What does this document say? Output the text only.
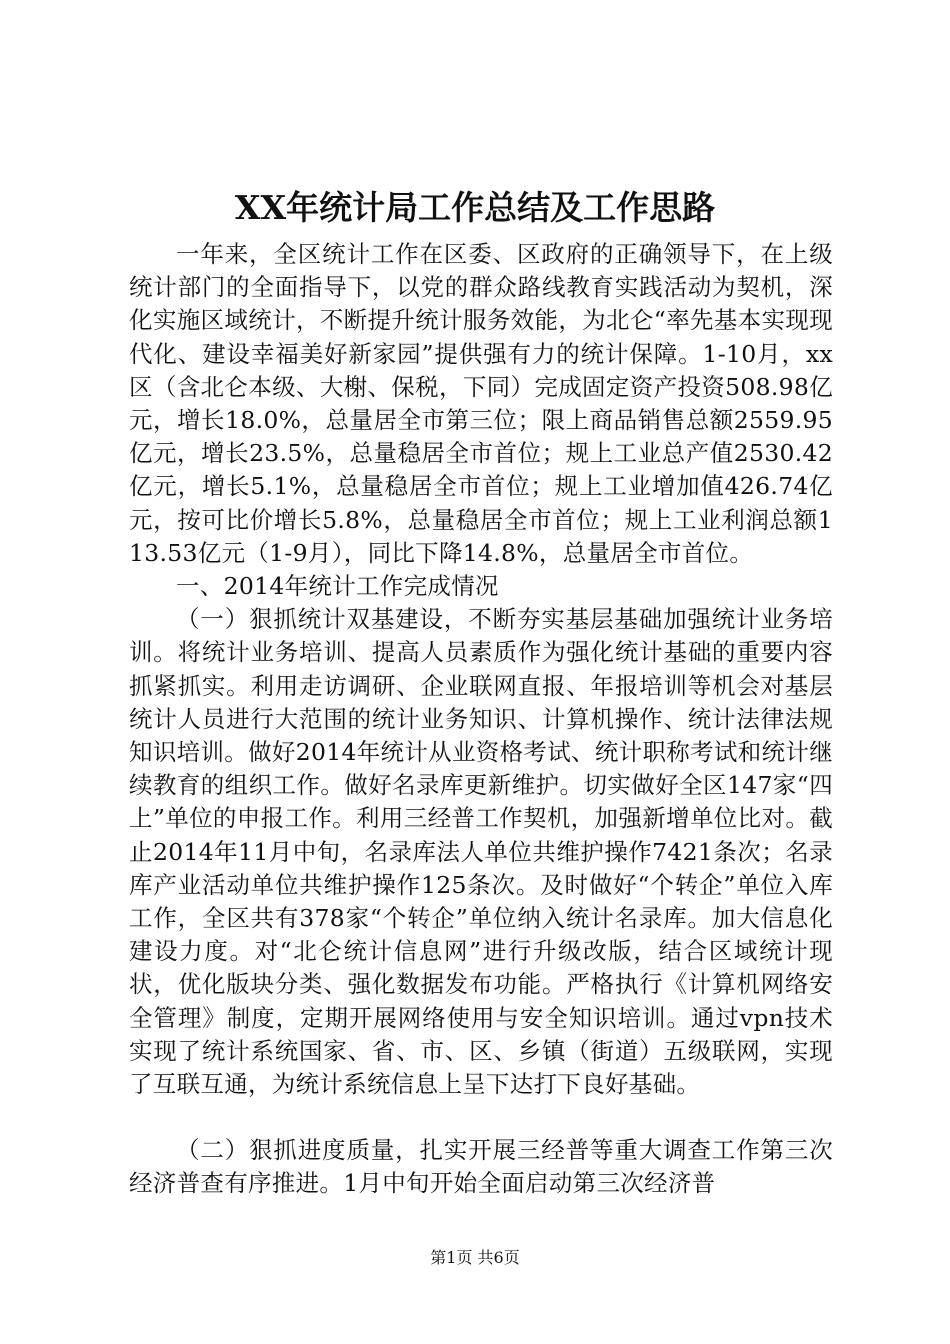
XX年统计局工作总结及工作思路

一年来，全区统计工作在区委、区政府的正确领导下，在上级统计部门的全面指导下，以党的群众路线教育实践活动为契机，深化实施区域统计，不断提升统计服务效能，为北仑“率先基本实现现代化、建设幸福美好新家园”提供强有力的统计保障。1-10月，xx区（含北仑本级、大榭、保税，下同）完成固定资产投资508.98亿元，增长18.0%，总量居全市第三位；限上商品销售总额2559.95亿元，增长23.5%，总量稳居全市首位；规上工业总产值2530.42亿元，增长5.1%，总量稳居全市首位；规上工业增加值426.74亿元，按可比价增长5.8%，总量稳居全市首位；规上工业利润总额113.53亿元（1-9月），同比下降14.8%，总量居全市首位。

一、2014年统计工作完成情况

（一）狠抓统计双基建设，不断夯实基层基础加强统计业务培训。将统计业务培训、提高人员素质作为强化统计基础的重要内容抓紧抓实。利用走访调研、企业联网直报、年报培训等机会对基层统计人员进行大范围的统计业务知识、计算机操作、统计法律法规知识培训。做好2014年统计从业资格考试、统计职称考试和统计继续教育的组织工作。做好名录库更新维护。切实做好全区147家“四上”单位的申报工作。利用三经普工作契机，加强新增单位比对。截止2014年11月中旬，名录库法人单位共维护操作7421条次；名录库产业活动单位共维护操作125条次。及时做好“个转企”单位入库工作，全区共有378家“个转企”单位纳入统计名录库。加大信息化建设力度。对“北仑统计信息网”进行升级改版，结合区域统计现状，优化版块分类、强化数据发布功能。严格执行《计算机网络安全管理》制度，定期开展网络使用与安全知识培训。通过vpn技术实现了统计系统国家、省、市、区、乡镇（街道）五级联网，实现了互联互通，为统计系统信息上呈下达打下良好基础。

（二）狠抓进度质量，扎实开展三经普等重大调查工作第三次经济普查有序推进。1月中旬开始全面启动第三次经济普

第1页 共6页
